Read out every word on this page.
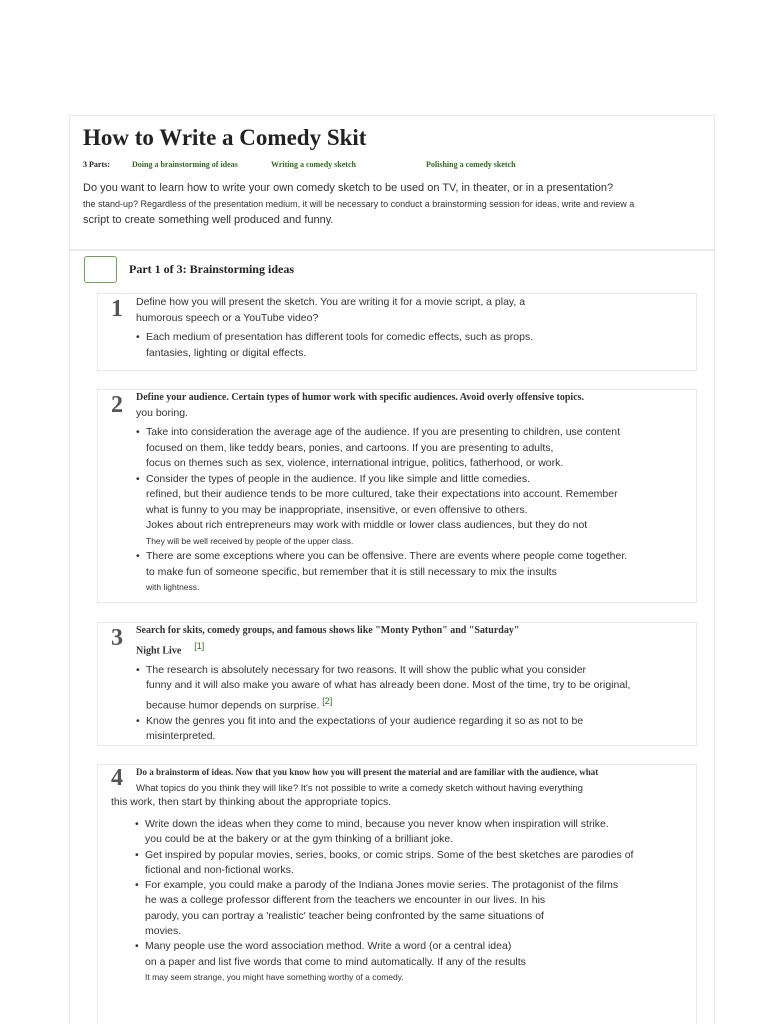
How to Write a Comedy Skit
3 Parts:	Doing a brainstorming of ideas	Writing a comedy sketch	Polishing a comedy sketch
Do you want to learn how to write your own comedy sketch to be used on TV, in theater, or in a presentation?
the stand-up? Regardless of the presentation medium, it will be necessary to conduct a brainstorming session for ideas, write and review a
script to create something well produced and funny.
Part 1 of 3: Brainstorming ideas
1 Define how you will present the sketch. You are writing it for a movie script, a play, a
humorous speech or a YouTube video?
• Each medium of presentation has different tools for comedic effects, such as props.
fantasies, lighting or digital effects.
2 Define your audience. Certain types of humor work with specific audiences. Avoid overly offensive topics.
you boring.
• Take into consideration the average age of the audience. If you are presenting to children, use content
focused on them, like teddy bears, ponies, and cartoons. If you are presenting to adults,
focus on themes such as sex, violence, international intrigue, politics, fatherhood, or work.
• Consider the types of people in the audience. If you like simple and little comedies.
refined, but their audience tends to be more cultured, take their expectations into account. Remember
what is funny to you may be inappropriate, insensitive, or even offensive to others.
Jokes about rich entrepreneurs may work with middle or lower class audiences, but they do not
They will be well received by people of the upper class.
• There are some exceptions where you can be offensive. There are events where people come together.
to make fun of someone specific, but remember that it is still necessary to mix the insults
with lightness.
3 Search for skits, comedy groups, and famous shows like "Monty Python" and "Saturday"
Night Live [1]
• The research is absolutely necessary for two reasons. It will show the public what you consider
funny and it will also make you aware of what has already been done. Most of the time, try to be original,
because humor depends on surprise. [2]
• Know the genres you fit into and the expectations of your audience regarding it so as not to be
misinterpreted.
4 Do a brainstorm of ideas. Now that you know how you will present the material and are familiar with the audience, what
What topics do you think they will like? It's not possible to write a comedy sketch without having everything
this work, then start by thinking about the appropriate topics.
• Write down the ideas when they come to mind, because you never know when inspiration will strike.
you could be at the bakery or at the gym thinking of a brilliant joke.
• Get inspired by popular movies, series, books, or comic strips. Some of the best sketches are parodies of
fictional and non-fictional works.
• For example, you could make a parody of the Indiana Jones movie series. The protagonist of the films
he was a college professor different from the teachers we encounter in our lives. In his
parody, you can portray a 'realistic' teacher being confronted by the same situations of
movies.
• Many people use the word association method. Write a word (or a central idea)
on a paper and list five words that come to mind automatically. If any of the results
It may seem strange, you might have something worthy of a comedy.
